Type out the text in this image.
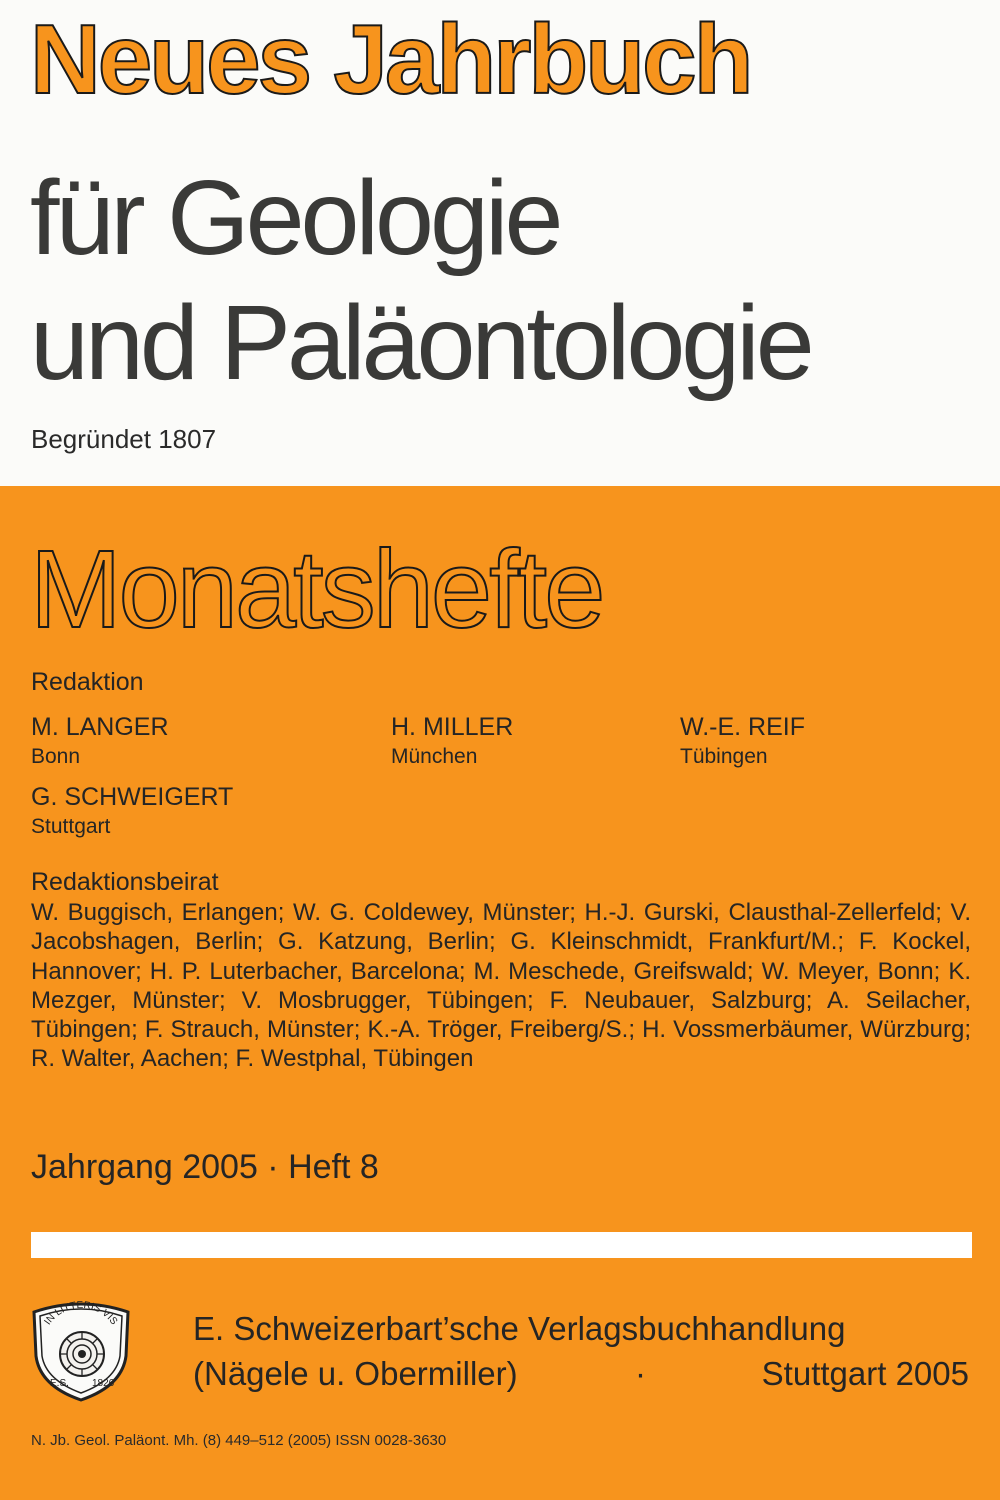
Neues Jahrbuch
für Geologie
und Paläontologie
Begründet 1807
Monatshefte
Redaktion
M. LANGER
Bonn
H. MILLER
München
W.-E. REIF
Tübingen
G. SCHWEIGERT
Stuttgart
Redaktionsbeirat
W. Buggisch, Erlangen; W. G. Coldewey, Münster; H.-J. Gurski, Clausthal-Zellerfeld; V. Jacobshagen, Berlin; G. Katzung, Berlin; G. Kleinschmidt, Frankfurt/M.; F. Kockel, Hannover; H. P. Luterbacher, Barcelona; M. Meschede, Greifswald; W. Meyer, Bonn; K. Mezger, Münster; V. Mosbrugger, Tübingen; F. Neubauer, Salzburg; A. Seilacher, Tübingen; F. Strauch, Münster; K.-A. Tröger, Freiberg/S.; H. Vossmerbäumer, Würzburg; R. Walter, Aachen; F. Westphal, Tübingen
Jahrgang 2005 · Heft 8
IN LITTERIS VIS
E.S. 1826
E. Schweizerbart’sche Verlagsbuchhandlung
(Nägele u. Obermiller)	·	Stuttgart 2005
N. Jb. Geol. Paläont. Mh. (8) 449–512 (2005) ISSN 0028-3630
